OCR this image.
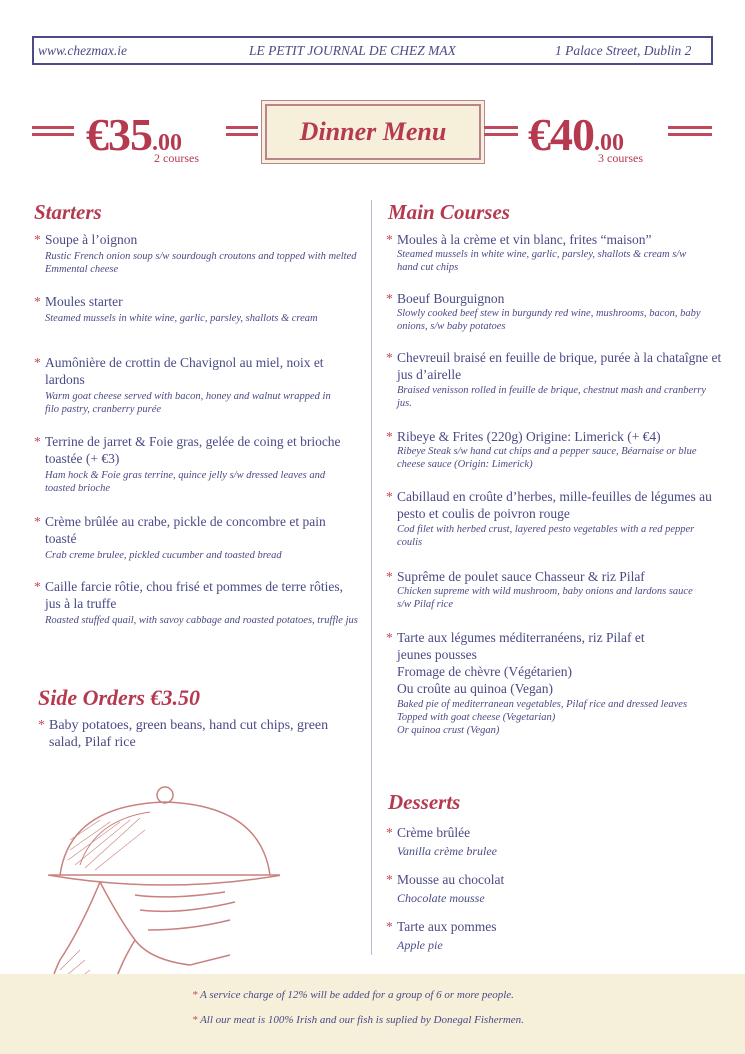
www.chezmax.ie	LE PETIT JOURNAL DE CHEZ MAX	1 Palace Street, Dublin 2
€35.00
2 courses
Dinner Menu	€40.00
3 courses
Starters
* Soupe à l’oignon
Rustic French onion soup s/w sourdough croutons and topped with melted Emmental cheese
* Moules starter
Steamed mussels in white wine, garlic, parsley, shallots & cream
* Aumônière de crottin de Chavignol au miel, noix et lardons
Warm goat cheese served with bacon, honey and walnut wrapped in filo pastry, cranberry purée
* Terrine de jarret & Foie gras, gelée de coing et brioche toastée (+ €3)
Ham hock & Foie gras terrine, quince jelly s/w dressed leaves and toasted brioche
* Crème brûlée au crabe, pickle de concombre et pain toasté
Crab creme brulee, pickled cucumber and toasted bread
* Caille farcie rôtie, chou frisé et pommes de terre rôties, jus à la truffe
Roasted stuffed quail, with savoy cabbage and roasted potatoes, truffle jus
Side Orders €3.50
* Baby potatoes, green beans, hand cut chips, green salad, Pilaf rice
Main Courses
* Moules à la crème et vin blanc, frites “maison”
Steamed mussels in white wine, garlic, parsley, shallots & cream s/w hand cut chips
* Boeuf Bourguignon
Slowly cooked beef stew in burgundy red wine, mushrooms, bacon, baby onions, s/w baby potatoes
* Chevreuil braisé en feuille de brique, purée à la chataîgne et jus d’airelle
Braised venisson rolled in feuille de brique, chestnut mash and cranberry jus.
* Ribeye & Frites (220g) Origine: Limerick (+ €4)
Ribeye Steak s/w hand cut chips and a pepper sauce, Béarnaise or blue cheese sauce (Origin: Limerick)
* Cabillaud en croûte d’herbes, mille-feuilles de légumes au pesto et coulis de poivron rouge
Cod filet with herbed crust, layered pesto vegetables with a red pepper coulis
* Suprême de poulet sauce Chasseur & riz Pilaf
Chicken supreme with wild mushroom, baby onions and lardons sauce s/w Pilaf rice
* Tarte aux légumes méditerranéens, riz Pilaf et jeunes pousses
Fromage de chèvre (Végétarien)
Ou croûte au quinoa (Vegan)
Baked pie of mediterranean vegetables, Pilaf rice and dressed leaves
Topped with goat cheese (Vegetarian)
Or quinoa crust (Vegan)
Desserts
* Crème brûlée
Vanilla crème brulee
* Mousse au chocolat
Chocolate mousse
* Tarte aux pommes
Apple pie
* A service charge of 12% will be added for a group of 6 or more people.
* All our meat is 100% Irish and our fish is suplied by Donegal Fishermen.
